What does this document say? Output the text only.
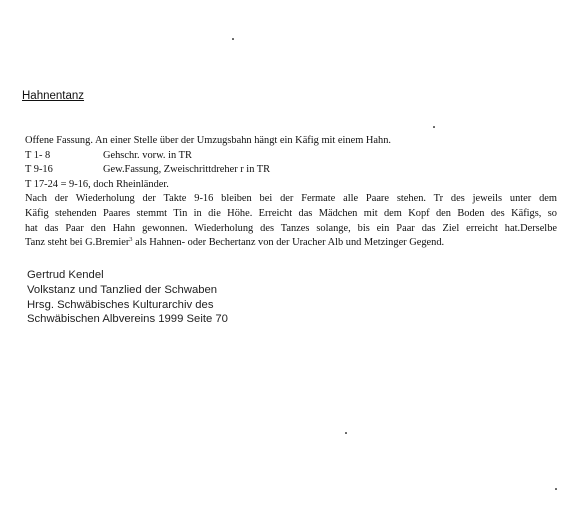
Hahnentanz
Offene Fassung. An einer Stelle über der Umzugsbahn hängt ein Käfig mit einem Hahn.
T 1- 8	Gehschr. vorw. in TR
T 9-16	Gew.Fassung, Zweischrittdreher r in TR
T 17-24 = 9-16, doch Rheinländer.
Nach der Wiederholung der Takte 9-16 bleiben bei der Fermate alle Paare stehen. Tr des jeweils unter dem
Käfig stehenden Paares stemmt Tin in die Höhe. Erreicht das Mädchen mit dem Kopf den Boden des Käfigs, so
hat das Paar den Hahn gewonnen. Wiederholung des Tanzes solange, bis ein Paar das Ziel erreicht hat.Derselbe
Tanz steht bei G.Bremier$^3$ als Hahnen- oder Bechertanz von der Uracher Alb und Metzinger Gegend.
Gertrud Kendel
Volkstanz und Tanzlied der Schwaben
Hrsg. Schwäbisches Kulturarchiv des
Schwäbischen Albvereins 1999 Seite 70
